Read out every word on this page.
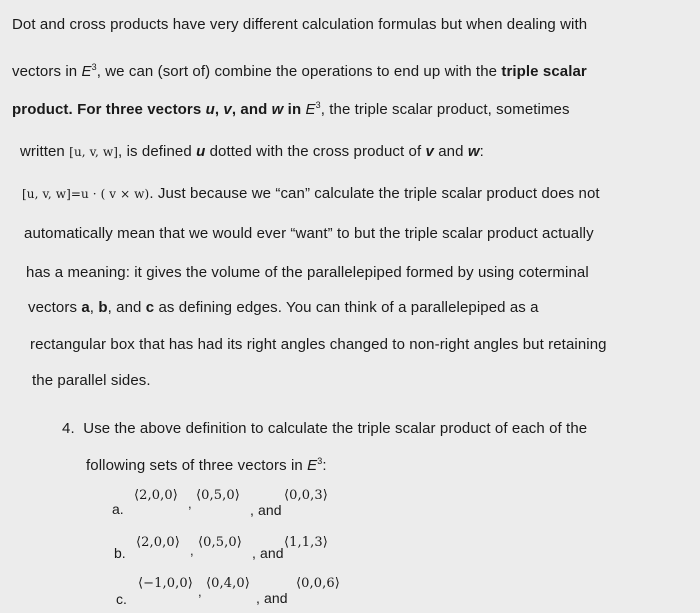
Dot and cross products have very different calculation formulas but when dealing with
vectors in $E^3$, we can (sort of) combine the operations to end up with the triple scalar
product. For three vectors u, v, and w in $E^3$, the triple scalar product, sometimes
written [u, v, w], is defined u dotted with the cross product of v and w:
[u, v, w]=u · ( v × w). Just because we “can” calculate the triple scalar product does not
automatically mean that we would ever “want” to but the triple scalar product actually
has a meaning: it gives the volume of the parallelepiped formed by using coterminal
vectors a, b, and c as defining edges. You can think of a parallelepiped as a
rectangular box that has had its right angles changed to non-right angles but retaining
the parallel sides.
4. Use the above definition to calculate the triple scalar product of each of the
following sets of three vectors in $E^3$:
a.
⟨2,0,0⟩
,
⟨0,5,0⟩
, and
⟨0,0,3⟩
b.
⟨2,0,0⟩
,
⟨0,5,0⟩
, and
⟨1,1,3⟩
c.
⟨−1,0,0⟩
,
⟨0,4,0⟩
, and
⟨0,0,6⟩
